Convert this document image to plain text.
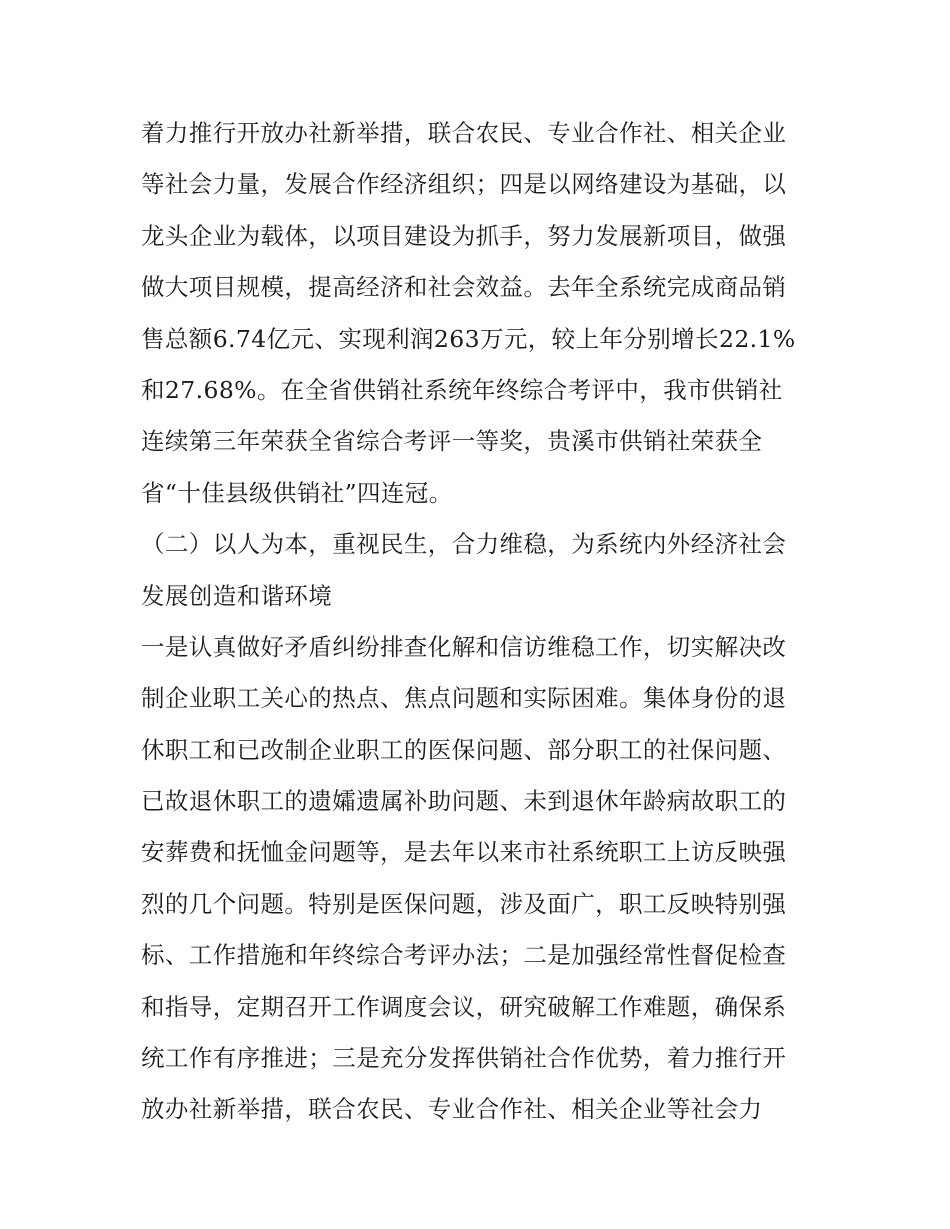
着力推行开放办社新举措，联合农民、专业合作社、相关企业
等社会力量，发展合作经济组织；四是以网络建设为基础，以
龙头企业为载体，以项目建设为抓手，努力发展新项目，做强
做大项目规模，提高经济和社会效益。去年全系统完成商品销
售总额6.74亿元、实现利润263万元，较上年分别增长22.1%
和27.68%。在全省供销社系统年终综合考评中，我市供销社
连续第三年荣获全省综合考评一等奖，贵溪市供销社荣获全
省“十佳县级供销社”四连冠。
（二）以人为本，重视民生，合力维稳，为系统内外经济社会
发展创造和谐环境
一是认真做好矛盾纠纷排查化解和信访维稳工作，切实解决改
制企业职工关心的热点、焦点问题和实际困难。集体身份的退
休职工和已改制企业职工的医保问题、部分职工的社保问题、
已故退休职工的遗孀遗属补助问题、未到退休年龄病故职工的
安葬费和抚恤金问题等，是去年以来市社系统职工上访反映强
烈的几个问题。特别是医保问题，涉及面广，职工反映特别强
标、工作措施和年终综合考评办法；二是加强经常性督促检查
和指导，定期召开工作调度会议，研究破解工作难题，确保系
统工作有序推进；三是充分发挥供销社合作优势，着力推行开
放办社新举措，联合农民、专业合作社、相关企业等社会力
